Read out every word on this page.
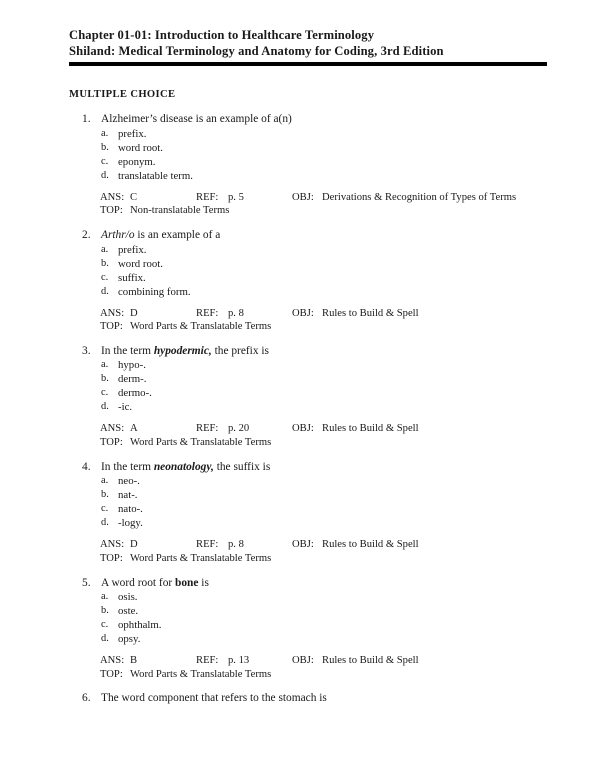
Chapter 01-01: Introduction to Healthcare Terminology
Shiland: Medical Terminology and Anatomy for Coding, 3rd Edition
MULTIPLE CHOICE
1. Alzheimer’s disease is an example of a(n)
a. prefix.
b. word root.
c. eponym.
d. translatable term.
ANS: C	REF: p. 5	OBJ: Derivations & Recognition of Types of Terms
TOP: Non-translatable Terms
2. Arthr/o is an example of a
a. prefix.
b. word root.
c. suffix.
d. combining form.
ANS: D	REF: p. 8	OBJ: Rules to Build & Spell
TOP: Word Parts & Translatable Terms
3. In the term hypodermic, the prefix is
a. hypo-.
b. derm-.
c. dermo-.
d. -ic.
ANS: A	REF: p. 20	OBJ: Rules to Build & Spell
TOP: Word Parts & Translatable Terms
4. In the term neonatology, the suffix is
a. neo-.
b. nat-.
c. nato-.
d. -logy.
ANS: D	REF: p. 8	OBJ: Rules to Build & Spell
TOP: Word Parts & Translatable Terms
5. A word root for bone is
a. osis.
b. oste.
c. ophthalm.
d. opsy.
ANS: B	REF: p. 13	OBJ: Rules to Build & Spell
TOP: Word Parts & Translatable Terms
6. The word component that refers to the stomach is
